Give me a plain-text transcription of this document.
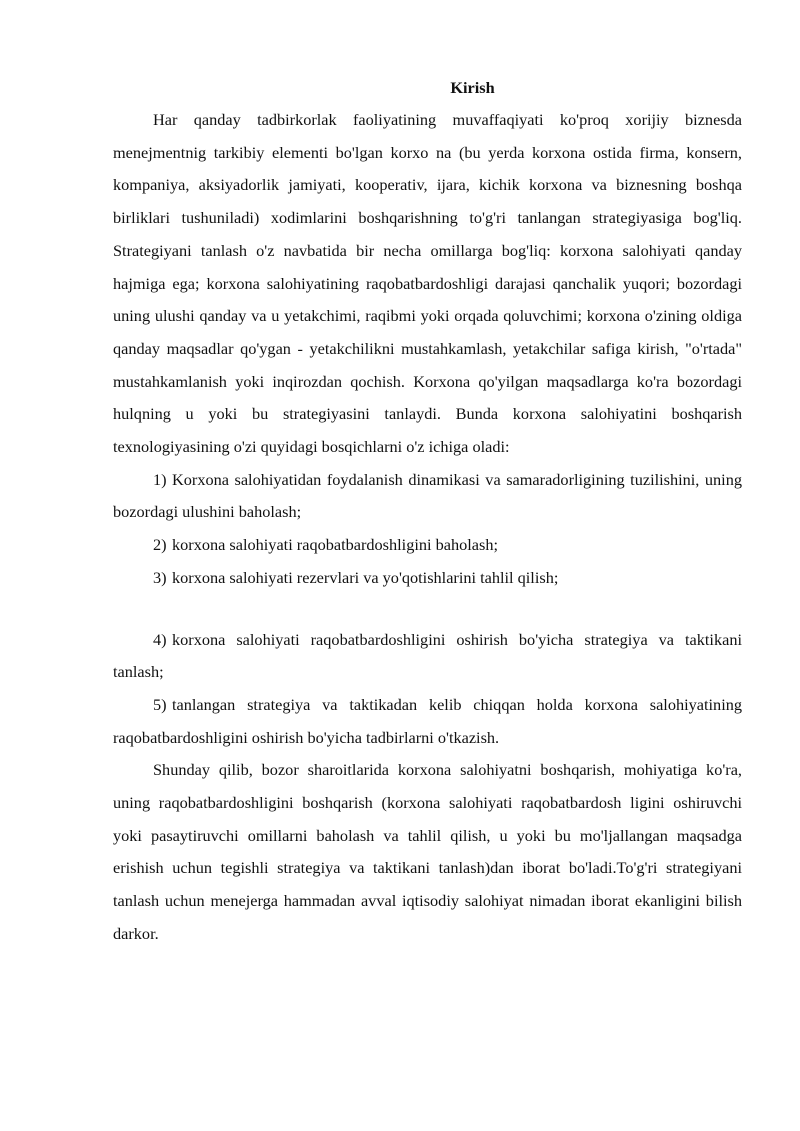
Kirish

Har qanday tadbirkorlak faoliyatining muvaffaqiyati ko'proq xorijiy biznesda menejmentnig tarkibiy elementi bo'lgan korxo na (bu yerda korxona ostida firma, konsern, kompaniya, aksiyadorlik jamiyati, kooperativ, ijara, kichik korxona va biznesning boshqa birliklari tushuniladi) xodimlarini boshqarishning to'g'ri tanlangan strategiyasiga bog'liq. Strategiyani tanlash o'z navbatida bir necha omillarga bog'liq: korxona salohiyati qanday hajmiga ega; korxona salohiyatining raqobatbardoshligi darajasi qanchalik yuqori; bozordagi uning ulushi qanday va u yetakchimi, raqibmi yoki orqada qoluvchimi; korxona o'zining oldiga qanday maqsadlar qo'ygan - yetakchilikni mustahkamlash, yetakchilar safiga kirish, "o'rtada" mustahkamlanish yoki inqirozdan qochish. Korxona qo'yilgan maqsadlarga ko'ra bozordagi hulqning u yoki bu strategiyasini tanlaydi. Bunda korxona salohiyatini boshqarish texnologiyasining o'zi quyidagi bosqichlarni o'z ichiga oladi:

1) Korxona salohiyatidan foydalanish dinamikasi va samaradorligining tuzilishini, uning bozordagi ulushini baholash;

2) korxona salohiyati raqobatbardoshligini baholash;

3) korxona salohiyati rezervlari va yo'qotishlarini tahlil qilish;

4) korxona salohiyati raqobatbardoshligini oshirish bo'yicha strategiya va taktikani tanlash;

5) tanlangan strategiya va taktikadan kelib chiqqan holda korxona salohiyatining raqobatbardoshligini oshirish bo'yicha tadbirlarni o'tkazish.

Shunday qilib, bozor sharoitlarida korxona salohiyatni boshqarish, mohiyatiga ko'ra, uning raqobatbardoshligini boshqarish (korxona salohiyati raqobatbardosh ligini oshiruvchi yoki pasaytiruvchi omillarni baholash va tahlil qilish, u yoki bu mo'ljallangan maqsadga erishish uchun tegishli strategiya va taktikani tanlash)dan iborat bo'ladi.To'g'ri strategiyani tanlash uchun menejerga hammadan avval iqtisodiy salohiyat nimadan iborat ekanligini bilish darkor.
